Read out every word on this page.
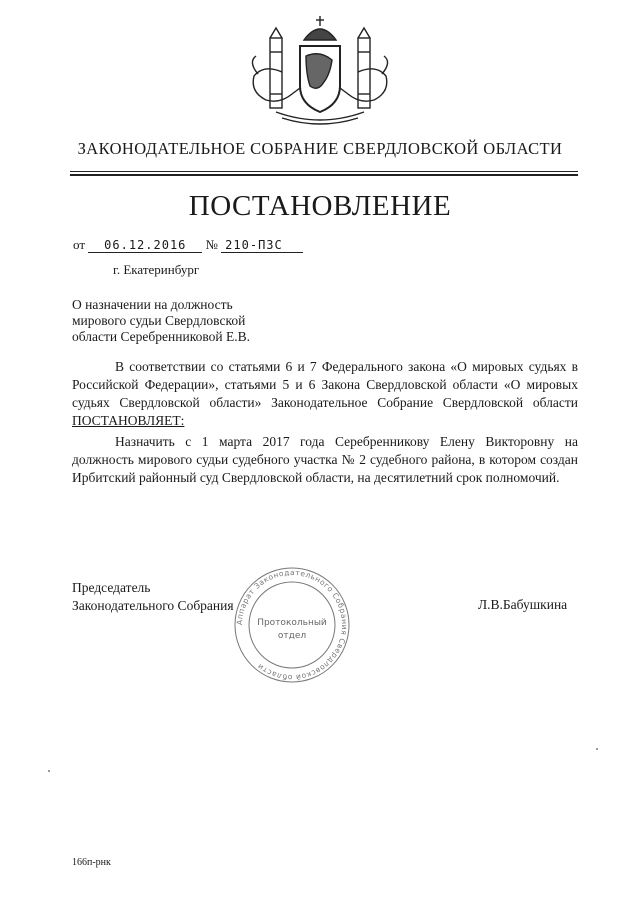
ЗАКОНОДАТЕЛЬНОЕ СОБРАНИЕ СВЕРДЛОВСКОЙ ОБЛАСТИ
ПОСТАНОВЛЕНИЕ
от 06.12.2016 № 210-ПЗС
г. Екатеринбург
О назначении на должность
мирового судьи Свердловской
области Серебренниковой Е.В.
В соответствии со статьями 6 и 7 Федерального закона «О мировых судьях в Российской Федерации», статьями 5 и 6 Закона Свердловской области «О мировых судьях Свердловской области» Законодательное Собрание Свердловской области ПОСТАНОВЛЯЕТ:
Назначить с 1 марта 2017 года Серебренникову Елену Викторовну на должность мирового судьи судебного участка № 2 судебного района, в котором создан Ирбитский районный суд Свердловской области, на десятилетний срок полномочий.
Председатель
Законодательного Собрания	Л.В.Бабушкина
Аппарат Законодательного Собрания Свердловской области
Протокольный
отдел
166п-рнк
